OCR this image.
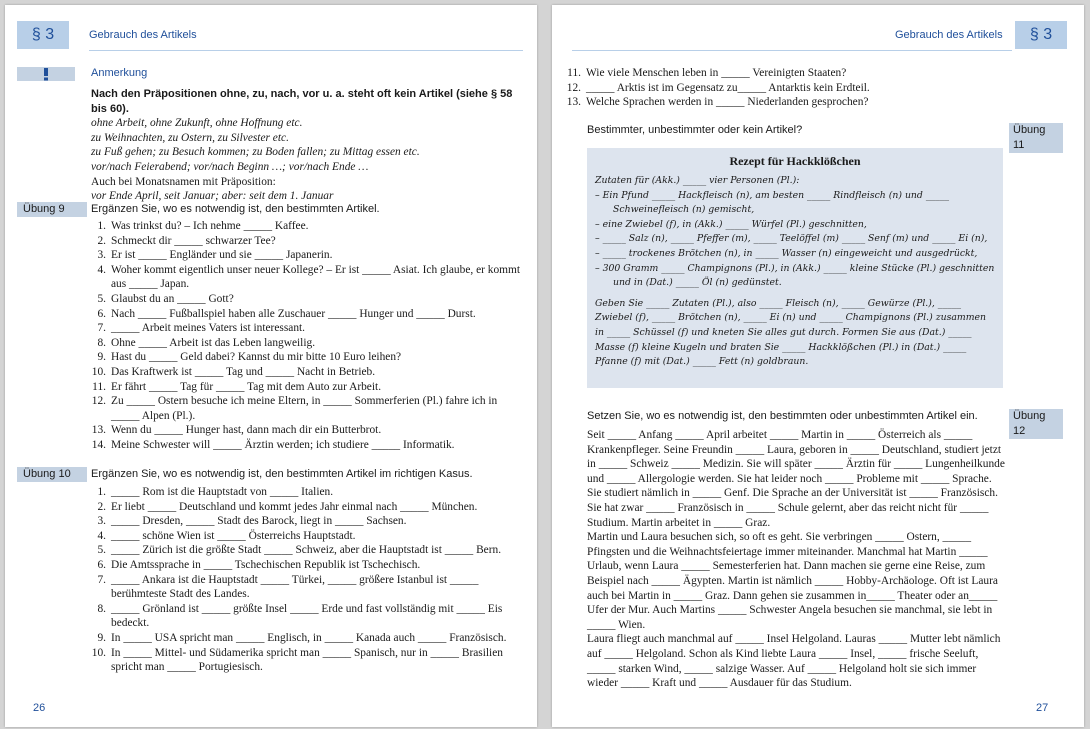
§ 3	Gebrauch des Artikels
Anmerkung

Nach den Präpositionen ohne, zu, nach, vor u. a. steht oft kein Artikel (siehe § 58 bis 60).

ohne Arbeit, ohne Zukunft, ohne Hoffnung etc.

zu Weihnachten, zu Ostern, zu Silvester etc.

zu Fuß gehen; zu Besuch kommen; zu Boden fallen; zu Mittag essen etc.

vor/nach Feierabend; vor/nach Beginn …; vor/nach Ende …

Auch bei Monatsnamen mit Präposition:

vor Ende April, seit Januar; aber: seit dem 1. Januar

Übung 9	Ergänzen Sie, wo es notwendig ist, den bestimmten Artikel.
1. Was trinkst du? – Ich nehme _____ Kaffee.
2. Schmeckt dir _____ schwarzer Tee?
3. Er ist _____ Engländer und sie _____ Japanerin.
4. Woher kommt eigentlich unser neuer Kollege? – Er ist _____ Asiat. Ich glaube, er kommt aus _____ Japan.
5. Glaubst du an _____ Gott?
6. Nach _____ Fußballspiel haben alle Zuschauer _____ Hunger und _____ Durst.
7. _____ Arbeit meines Vaters ist interessant.
8. Ohne _____ Arbeit ist das Leben langweilig.
9. Hast du _____ Geld dabei? Kannst du mir bitte 10 Euro leihen?
10. Das Kraftwerk ist _____ Tag und _____ Nacht in Betrieb.
11. Er fährt _____ Tag für _____ Tag mit dem Auto zur Arbeit.
12. Zu _____ Ostern besuche ich meine Eltern, in _____ Sommerferien (Pl.) fahre ich in _____ Alpen (Pl.).
13. Wenn du _____ Hunger hast, dann mach dir ein Butterbrot.
14. Meine Schwester will _____ Ärztin werden; ich studiere _____ Informatik.
Übung 10	Ergänzen Sie, wo es notwendig ist, den bestimmten Artikel im richtigen Kasus.
1. _____ Rom ist die Hauptstadt von _____ Italien.
2. Er liebt _____ Deutschland und kommt jedes Jahr einmal nach _____ München.
3. _____ Dresden, _____ Stadt des Barock, liegt in _____ Sachsen.
4. _____ schöne Wien ist _____ Österreichs Hauptstadt.
5. _____ Zürich ist die größte Stadt _____ Schweiz, aber die Hauptstadt ist _____ Bern.
6. Die Amtssprache in _____ Tschechischen Republik ist Tschechisch.
7. _____ Ankara ist die Hauptstadt _____ Türkei, _____ größere Istanbul ist _____ berühmteste Stadt des Landes.
8. _____ Grönland ist _____ größte Insel _____ Erde und fast vollständig mit _____ Eis bedeckt.
9. In _____ USA spricht man _____ Englisch, in _____ Kanada auch _____ Französisch.
10. In _____ Mittel- und Südamerika spricht man _____ Spanisch, nur in _____ Brasilien spricht man _____ Portugiesisch.
26
§ 3
Gebrauch des Artikels
11. Wie viele Menschen leben in _____ Vereinigten Staaten?
12. _____ Arktis ist im Gegensatz zu_____ Antarktis kein Erdteil.
13. Welche Sprachen werden in _____ Niederlanden gesprochen?
Bestimmter, unbestimmter oder kein Artikel?	Übung 11
Rezept für Hackklößchen
Zutaten für (Akk.) _____ vier Personen (Pl.):
– Ein Pfund _____ Hackfleisch (n), am besten _____ Rindfleisch (n) und _____ Schweinefleisch (n) gemischt,
– eine Zwiebel (f), in (Akk.) _____ Würfel (Pl.) geschnitten,
– _____ Salz (n), _____ Pfeffer (m), _____ Teelöffel (m) _____ Senf (m) und _____ Ei (n),
– _____ trockenes Brötchen (n), in _____ Wasser (n) eingeweicht und ausgedrückt,
– 300 Gramm _____ Champignons (Pl.), in (Akk.) _____ kleine Stücke (Pl.) geschnitten und in (Dat.) _____ Öl (n) gedünstet.
Geben Sie _____ Zutaten (Pl.), also _____ Fleisch (n), _____ Gewürze (Pl.), _____ Zwiebel (f), _____ Brötchen (n), _____ Ei (n) und _____ Champignons (Pl.) zusammen in _____ Schüssel (f) und kneten Sie alles gut durch. Formen Sie aus (Dat.) _____ Masse (f) kleine Kugeln und braten Sie _____ Hackklößchen (Pl.) in (Dat.) _____ Pfanne (f) mit (Dat.) _____ Fett (n) goldbraun.
Setzen Sie, wo es notwendig ist, den bestimmten oder unbestimmten Artikel ein.	Übung 12

Seit _____ Anfang _____ April arbeitet _____ Martin in _____ Österreich als _____ Krankenpfleger. Seine Freundin _____ Laura, geboren in _____ Deutschland, studiert jetzt in _____ Schweiz _____ Medizin. Sie will später _____ Ärztin für _____ Lungenheilkunde und _____ Allergologie werden. Sie hat leider noch _____ Probleme mit _____ Sprache. Sie studiert nämlich in _____ Genf. Die Sprache an der Universität ist _____ Französisch. Sie hat zwar _____ Französisch in _____ Schule gelernt, aber das reicht nicht für _____ Studium. Martin arbeitet in _____ Graz.

Martin und Laura besuchen sich, so oft es geht. Sie verbringen _____ Ostern, _____ Pfingsten und die Weihnachtsfeiertage immer miteinander. Manchmal hat Martin _____ Urlaub, wenn Laura _____ Semesterferien hat. Dann machen sie gerne eine Reise, zum Beispiel nach _____ Ägypten. Martin ist nämlich _____ Hobby-Archäologe. Oft ist Laura auch bei Martin in _____ Graz. Dann gehen sie zusammen in_____ Theater oder an_____ Ufer der Mur. Auch Martins _____ Schwester Angela besuchen sie manchmal, sie lebt in _____ Wien.

Laura fliegt auch manchmal auf _____ Insel Helgoland. Lauras _____ Mutter lebt nämlich auf _____ Helgoland. Schon als Kind liebte Laura _____ Insel, _____ frische Seeluft, _____ starken Wind, _____ salzige Wasser. Auf _____ Helgoland holt sie sich immer wieder _____ Kraft und _____ Ausdauer für das Studium.

27
